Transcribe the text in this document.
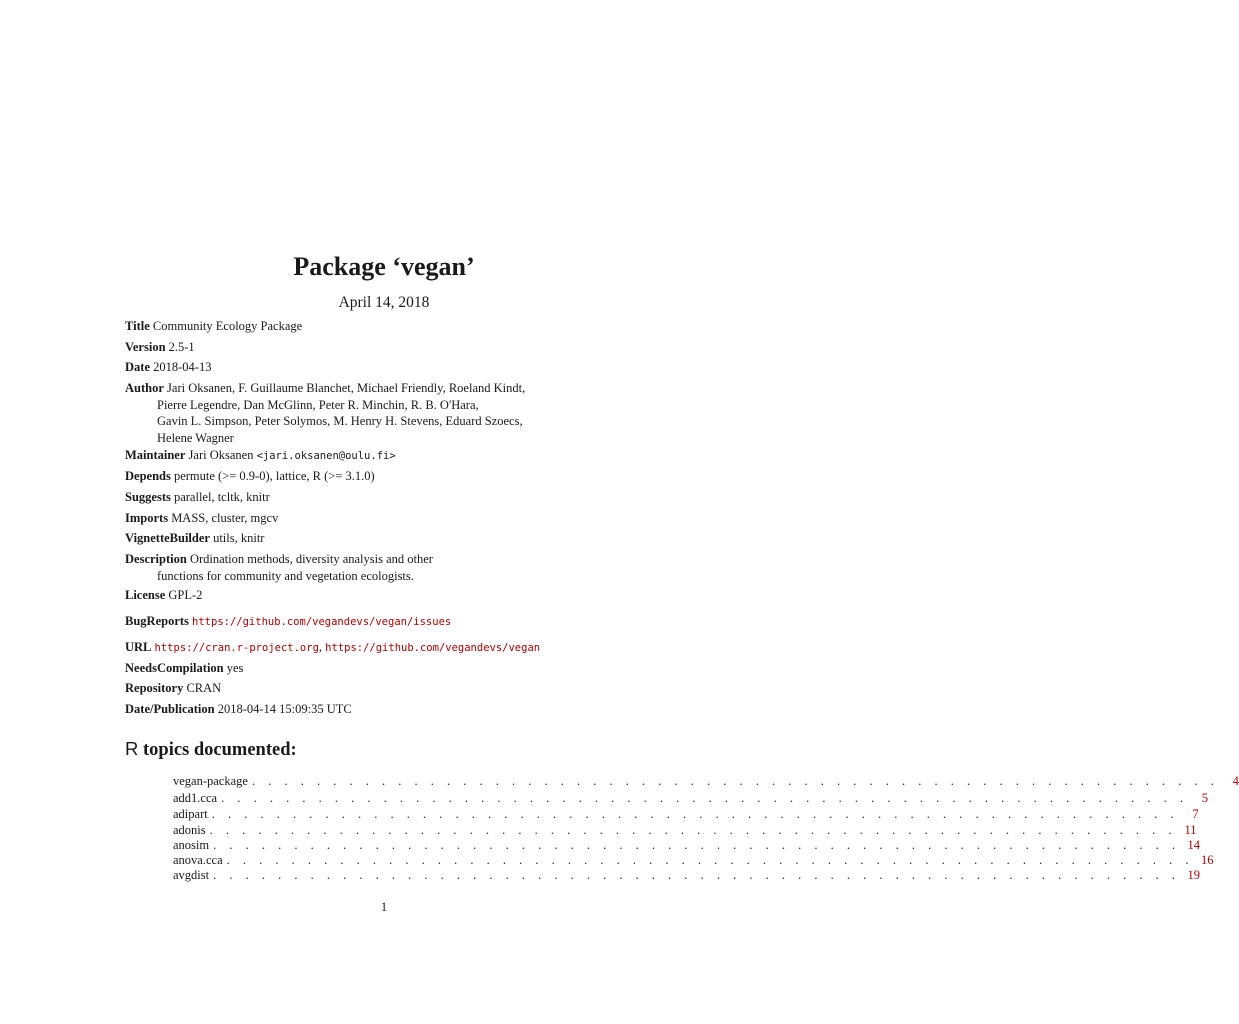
Package ‘vegan’
April 14, 2018
Title Community Ecology Package
Version 2.5-1
Date 2018-04-13
Author Jari Oksanen, F. Guillaume Blanchet, Michael Friendly, Roeland Kindt,
Pierre Legendre, Dan McGlinn, Peter R. Minchin, R. B. O'Hara,
Gavin L. Simpson, Peter Solymos, M. Henry H. Stevens, Eduard Szoecs,
Helene Wagner
Maintainer Jari Oksanen <jari.oksanen@oulu.fi>
Depends permute (>= 0.9-0), lattice, R (>= 3.1.0)
Suggests parallel, tcltk, knitr
Imports MASS, cluster, mgcv
VignetteBuilder utils, knitr
Description Ordination methods, diversity analysis and other
functions for community and vegetation ecologists.
License GPL-2
BugReports https://github.com/vegandevs/vegan/issues
URL https://cran.r-project.org, https://github.com/vegandevs/vegan
NeedsCompilation yes
Repository CRAN
Date/Publication 2018-04-14 15:09:35 UTC
R topics documented:
vegan-package . . . . . . . . . . . . . . . . . . . . . . . . . . . . . . . . . . . . . . . . . . . . . . . . . . . . . . . . . . . .	4
add1.cca . . . . . . . . . . . . . . . . . . . . . . . . . . . . . . . . . . . . . . . . . . . . . . . . . . . . . . . . . . . .	5
adipart . . . . . . . . . . . . . . . . . . . . . . . . . . . . . . . . . . . . . . . . . . . . . . . . . . . . . . . . . . . .	7
adonis . . . . . . . . . . . . . . . . . . . . . . . . . . . . . . . . . . . . . . . . . . . . . . . . . . . . . . . . . . . . 11
anosim . . . . . . . . . . . . . . . . . . . . . . . . . . . . . . . . . . . . . . . . . . . . . . . . . . . . . . . . . . . . 14
anova.cca . . . . . . . . . . . . . . . . . . . . . . . . . . . . . . . . . . . . . . . . . . . . . . . . . . . . . . . . . . . . 16
avgdist . . . . . . . . . . . . . . . . . . . . . . . . . . . . . . . . . . . . . . . . . . . . . . . . . . . . . . . . . . . . 19
1
